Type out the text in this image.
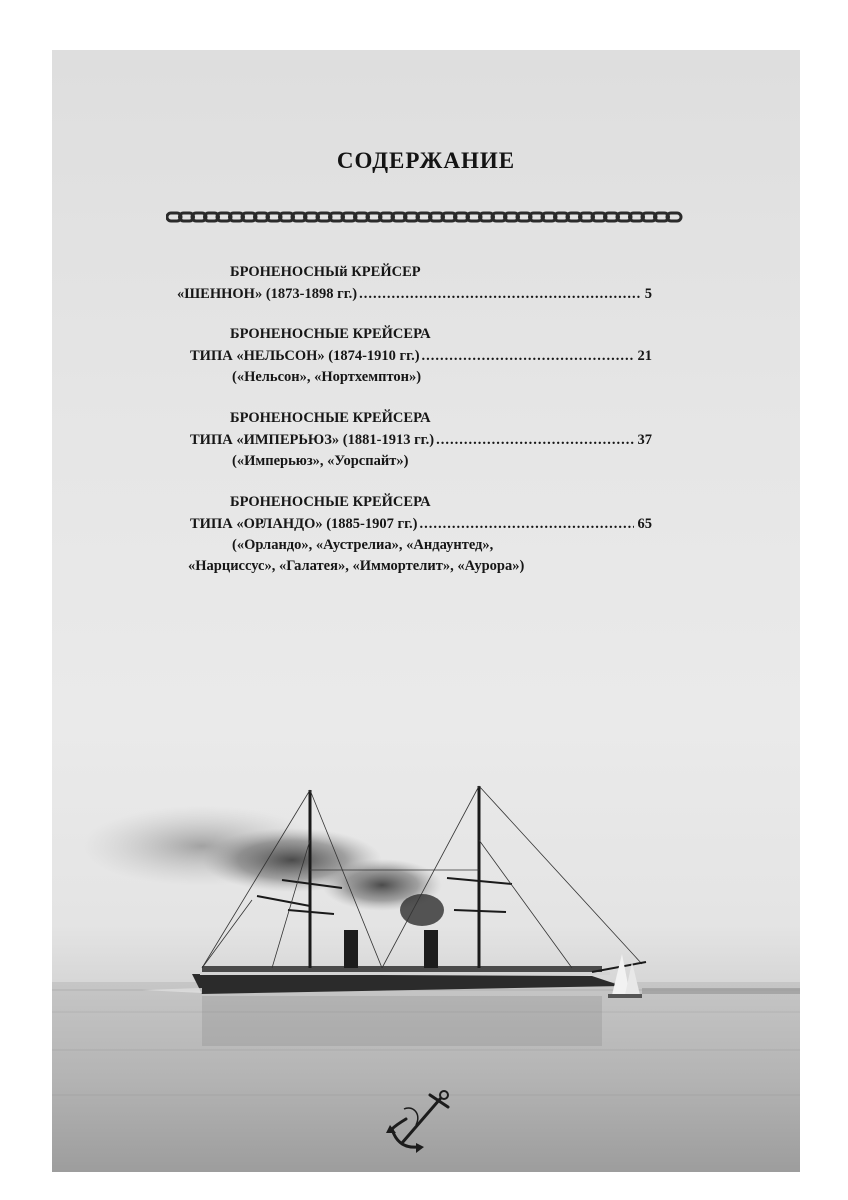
СОДЕРЖАНИЕ
БРОНЕНОСНЫй КРЕЙСЕР
«ШЕННОН» (1873-1898 гг.) .....	5
БРОНЕНОСНЫЕ КРЕЙСЕРА
ТИПА «НЕЛЬСОН» (1874-1910 гг.) .....	21
(«Нельсон», «Нортхемптон»)
БРОНЕНОСНЫЕ КРЕЙСЕРА
ТИПА «ИМПЕРЬЮЗ» (1881-1913 гг.) .....	37
(«Имперьюз», «Уорспайт»)
БРОНЕНОСНЫЕ КРЕЙСЕРА
ТИПА «ОРЛАНДО» (1885-1907 гг.) .....	65
(«Орландо», «Аустрелиа», «Андаунтед»,
«Нарциссус», «Галатея», «Иммортелит», «Аурора»)
